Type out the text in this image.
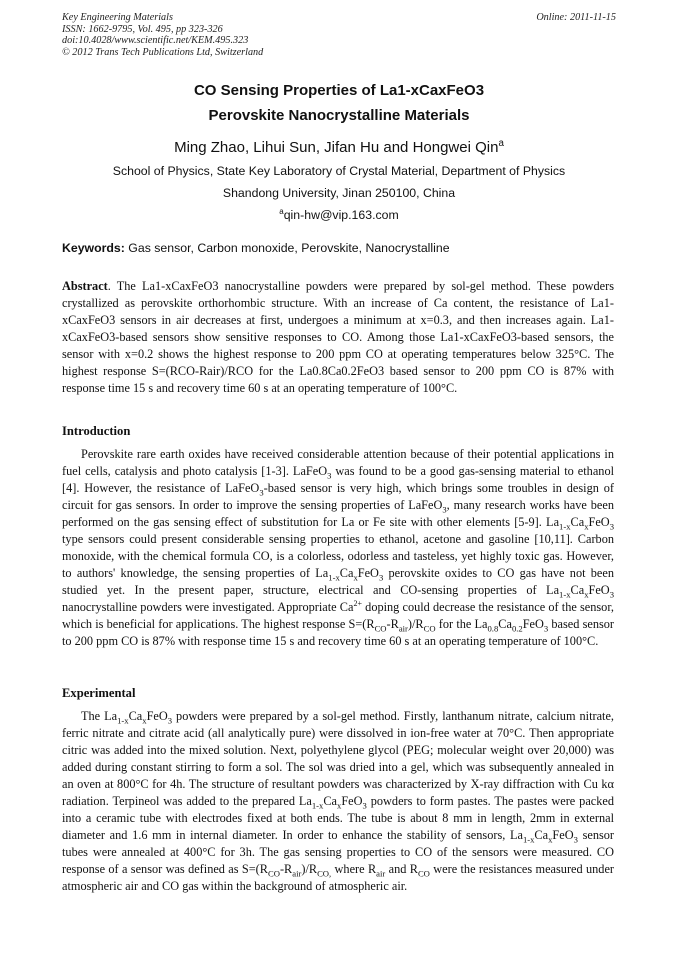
Key Engineering Materials	Online: 2011-11-15
ISSN: 1662-9795, Vol. 495, pp 323-326
doi:10.4028/www.scientific.net/KEM.495.323
© 2012 Trans Tech Publications Ltd, Switzerland
CO Sensing Properties of La1-xCaxFeO3
Perovskite Nanocrystalline Materials
Ming Zhao, Lihui Sun, Jifan Hu and Hongwei Qin$^a$
School of Physics, State Key Laboratory of Crystal Material, Department of Physics
Shandong University, Jinan 250100, China
$^a$qin-hw@vip.163.com
Keywords: Gas sensor, Carbon monoxide, Perovskite, Nanocrystalline
Abstract. The La1-xCaxFeO3 nanocrystalline powders were prepared by sol-gel method. These powders crystallized as perovskite orthorhombic structure. With an increase of Ca content, the resistance of La1-xCaxFeO3 sensors in air decreases at first, undergoes a minimum at x=0.3, and then increases again. La1-xCaxFeO3-based sensors show sensitive responses to CO. Among those La1-xCaxFeO3-based sensors, the sensor with x=0.2 shows the highest response to 200 ppm CO at operating temperatures below 325°C. The highest response S=(RCO-Rair)/RCO for the La0.8Ca0.2FeO3 based sensor to 200 ppm CO is 87% with response time 15 s and recovery time 60 s at an operating temperature of 100°C.
Introduction
Perovskite rare earth oxides have received considerable attention because of their potential applications in fuel cells, catalysis and photo catalysis [1-3]. LaFeO$_3$ was found to be a good gas-sensing material to ethanol [4]. However, the resistance of LaFeO$_3$-based sensor is very high, which brings some troubles in design of circuit for gas sensors. In order to improve the sensing properties of LaFeO$_3$, many research works have been performed on the gas sensing effect of substitution for La or Fe site with other elements [5-9]. $La_{1-x}Ca_xFeO_3$ type sensors could present considerable sensing properties to ethanol, acetone and gasoline [10,11]. Carbon monoxide, with the chemical formula CO, is a colorless, odorless and tasteless, yet highly toxic gas. However, to authors' knowledge, the sensing properties of $La_{1-x}Ca_xFeO_3$ perovskite oxides to CO gas have not been studied yet. In the present paper, structure, electrical and CO-sensing properties of $La_{1-x}Ca_xFeO_3$ nanocrystalline powders were investigated. Appropriate $Ca^{2+}$ doping could decrease the resistance of the sensor, which is beneficial for applications. The highest response $S=(R_{CO}-R_{air})/R_{CO}$ for the $La_{0.8}Ca_{0.2}FeO_3$ based sensor to 200 ppm CO is 87% with response time 15 s and recovery time 60 s at an operating temperature of 100°C.
Experimental
The $La_{1-x}Ca_xFeO_3$ powders were prepared by a sol-gel method. Firstly, lanthanum nitrate, calcium nitrate, ferric nitrate and citrate acid (all analytically pure) were dissolved in ion-free water at 70°C. Then appropriate citric was added into the mixed solution. Next, polyethylene glycol (PEG; molecular weight over 20,000) was added during constant stirring to form a sol. The sol was dried into a gel, which was subsequently annealed in an oven at 800°C for 4h. The structure of resultant powders was characterized by X-ray diffraction with Cu kα radiation. Terpineol was added to the prepared $La_{1-x}Ca_xFeO_3$ powders to form pastes. The pastes were packed into a ceramic tube with electrodes fixed at both ends. The tube is about 8 mm in length, 2mm in external diameter and 1.6 mm in internal diameter. In order to enhance the stability of sensors, $La_{1-x}Ca_xFeO_3$ sensor tubes were annealed at 400°C for 3h. The gas sensing properties to CO of the sensors were measured. CO response of a sensor was defined as $S=(R_{CO}-R_{air})/R_{CO,}$ where $R_{air}$ and $R_{CO}$ were the resistances measured under atmospheric air and CO gas within the background of atmospheric air.
